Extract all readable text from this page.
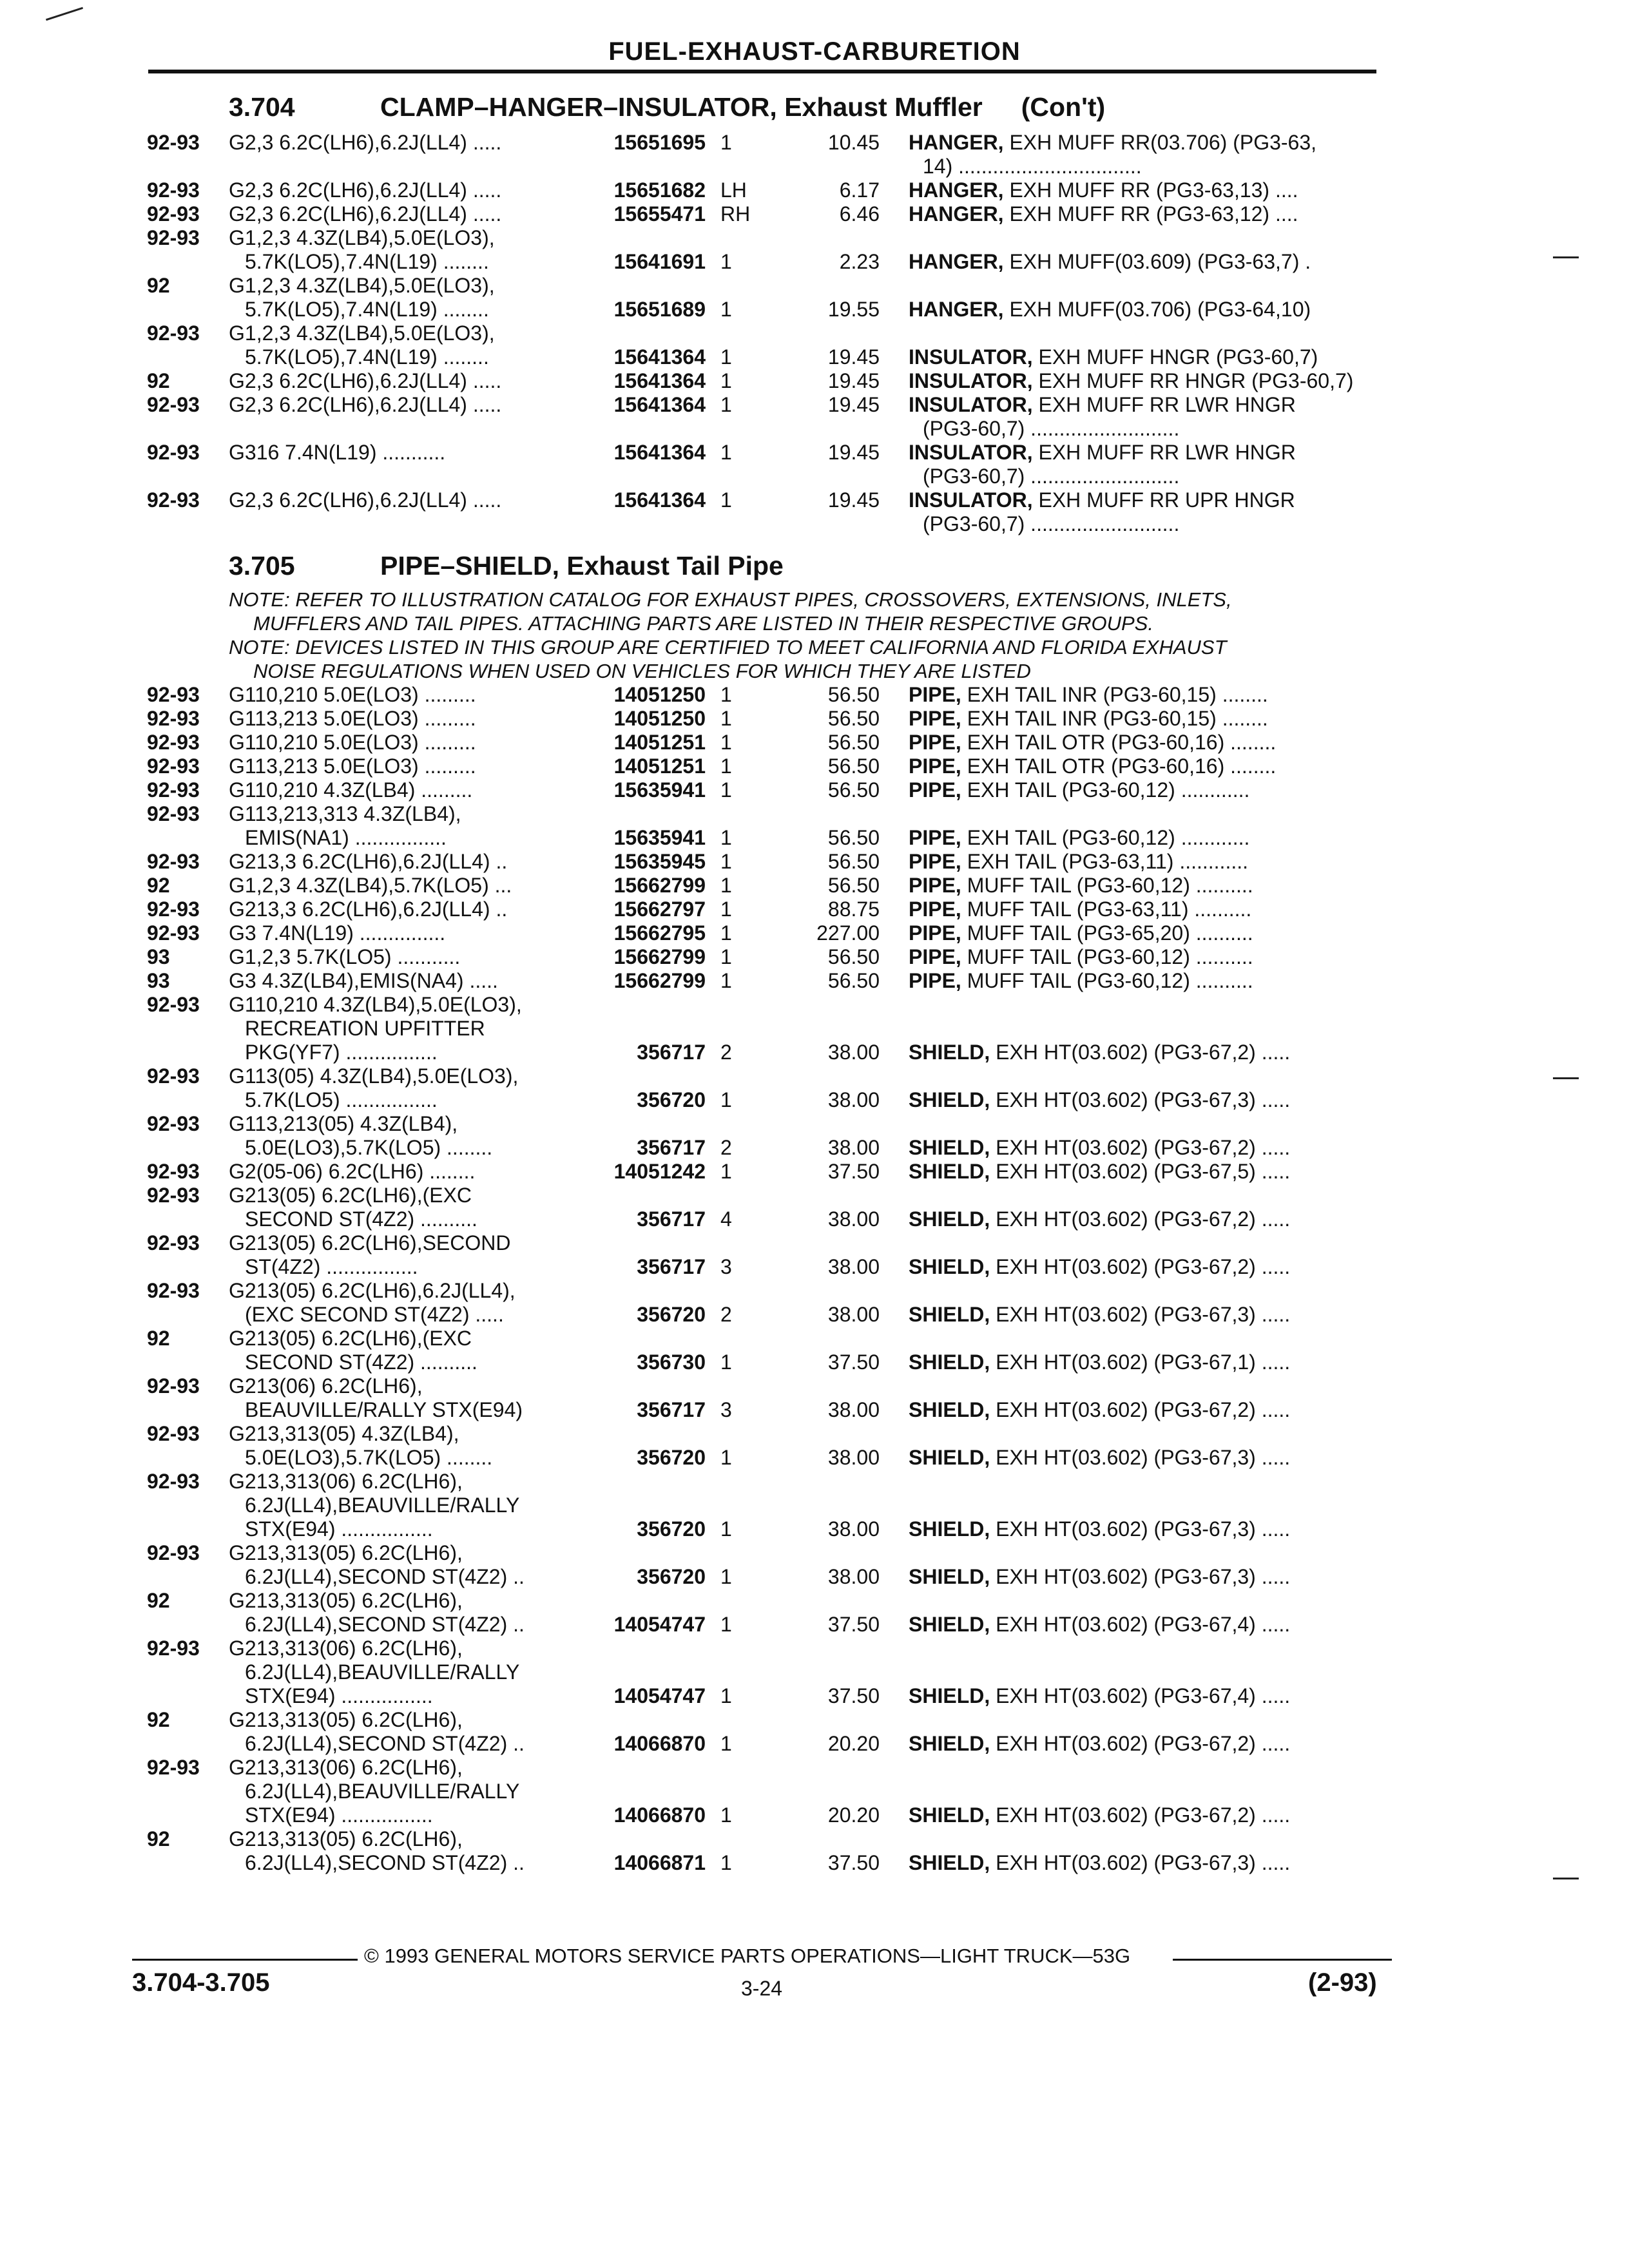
FUEL-EXHAUST-CARBURETION
3.704	CLAMP–HANGER–INSULATOR, Exhaust Muffler (Con't)
92-93 G2,3 6.2C(LH6),6.2J(LL4) .....	15651695 1	10.45 HANGER, EXH MUFF RR(03.706) (PG3-63,
14) ................................
92-93 G2,3 6.2C(LH6),6.2J(LL4) .....	15651682 LH	6.17 HANGER, EXH MUFF RR (PG3-63,13) ....
92-93 G2,3 6.2C(LH6),6.2J(LL4) .....	15655471 RH	6.46 HANGER, EXH MUFF RR (PG3-63,12) ....
92-93 G1,2,3 4.3Z(LB4),5.0E(LO3),
5.7K(LO5),7.4N(L19) ........	15641691 1	2.23 HANGER, EXH MUFF(03.609) (PG3-63,7) .
92	G1,2,3 4.3Z(LB4),5.0E(LO3),
5.7K(LO5),7.4N(L19) ........	15651689 1	19.55 HANGER, EXH MUFF(03.706) (PG3-64,10)
92-93 G1,2,3 4.3Z(LB4),5.0E(LO3),
5.7K(LO5),7.4N(L19) ........	15641364 1	19.45 INSULATOR, EXH MUFF HNGR (PG3-60,7)
92	G2,3 6.2C(LH6),6.2J(LL4) .....	15641364 1	19.45 INSULATOR, EXH MUFF RR HNGR (PG3-60,7)
92-93 G2,3 6.2C(LH6),6.2J(LL4) .....	15641364 1	19.45 INSULATOR, EXH MUFF RR LWR HNGR
(PG3-60,7) ..........................
92-93 G316 7.4N(L19) ...........	15641364 1	19.45 INSULATOR, EXH MUFF RR LWR HNGR
(PG3-60,7) ..........................
92-93 G2,3 6.2C(LH6),6.2J(LL4) .....	15641364 1	19.45 INSULATOR, EXH MUFF RR UPR HNGR
(PG3-60,7) ..........................
3.705	PIPE–SHIELD, Exhaust Tail Pipe
NOTE: REFER TO ILLUSTRATION CATALOG FOR EXHAUST PIPES, CROSSOVERS, EXTENSIONS, INLETS,
MUFFLERS AND TAIL PIPES. ATTACHING PARTS ARE LISTED IN THEIR RESPECTIVE GROUPS.
NOTE: DEVICES LISTED IN THIS GROUP ARE CERTIFIED TO MEET CALIFORNIA AND FLORIDA EXHAUST
NOISE REGULATIONS WHEN USED ON VEHICLES FOR WHICH THEY ARE LISTED
92-93 G110,210 5.0E(LO3) .........	14051250 1	56.50 PIPE, EXH TAIL INR (PG3-60,15) ........
92-93 G113,213 5.0E(LO3) .........	14051250 1	56.50 PIPE, EXH TAIL INR (PG3-60,15) ........
92-93 G110,210 5.0E(LO3) .........	14051251 1	56.50 PIPE, EXH TAIL OTR (PG3-60,16) ........
92-93 G113,213 5.0E(LO3) .........	14051251 1	56.50 PIPE, EXH TAIL OTR (PG3-60,16) ........
92-93 G110,210 4.3Z(LB4) .........	15635941 1	56.50 PIPE, EXH TAIL (PG3-60,12) ............
92-93 G113,213,313 4.3Z(LB4),
EMIS(NA1) ................	15635941 1	56.50 PIPE, EXH TAIL (PG3-60,12) ............
92-93 G213,3 6.2C(LH6),6.2J(LL4) ..	15635945 1	56.50 PIPE, EXH TAIL (PG3-63,11) ............
92	G1,2,3 4.3Z(LB4),5.7K(LO5) ...	15662799 1	56.50 PIPE, MUFF TAIL (PG3-60,12) ..........
92-93 G213,3 6.2C(LH6),6.2J(LL4) ..	15662797 1	88.75 PIPE, MUFF TAIL (PG3-63,11) ..........
92-93 G3 7.4N(L19) ...............	15662795 1	227.00 PIPE, MUFF TAIL (PG3-65,20) ..........
93	G1,2,3 5.7K(LO5) ...........	15662799 1	56.50 PIPE, MUFF TAIL (PG3-60,12) ..........
93	G3 4.3Z(LB4),EMIS(NA4) .....	15662799 1	56.50 PIPE, MUFF TAIL (PG3-60,12) ..........
92-93 G110,210 4.3Z(LB4),5.0E(LO3),
RECREATION UPFITTER
PKG(YF7) ................	356717 2	38.00 SHIELD, EXH HT(03.602) (PG3-67,2) .....
92-93 G113(05) 4.3Z(LB4),5.0E(LO3),
5.7K(LO5) ................	356720 1	38.00 SHIELD, EXH HT(03.602) (PG3-67,3) .....
92-93 G113,213(05) 4.3Z(LB4),
5.0E(LO3),5.7K(LO5) ........	356717 2	38.00 SHIELD, EXH HT(03.602) (PG3-67,2) .....
92-93 G2(05-06) 6.2C(LH6) ........	14051242 1	37.50 SHIELD, EXH HT(03.602) (PG3-67,5) .....
92-93 G213(05) 6.2C(LH6),(EXC
SECOND ST(4Z2) ..........	356717 4	38.00 SHIELD, EXH HT(03.602) (PG3-67,2) .....
92-93 G213(05) 6.2C(LH6),SECOND
ST(4Z2) ................	356717 3	38.00 SHIELD, EXH HT(03.602) (PG3-67,2) .....
92-93 G213(05) 6.2C(LH6),6.2J(LL4),
(EXC SECOND ST(4Z2) .....	356720 2	38.00 SHIELD, EXH HT(03.602) (PG3-67,3) .....
92	G213(05) 6.2C(LH6),(EXC
SECOND ST(4Z2) ..........	356730 1	37.50 SHIELD, EXH HT(03.602) (PG3-67,1) .....
92-93 G213(06) 6.2C(LH6),
BEAUVILLE/RALLY STX(E94)	356717 3	38.00 SHIELD, EXH HT(03.602) (PG3-67,2) .....
92-93 G213,313(05) 4.3Z(LB4),
5.0E(LO3),5.7K(LO5) ........	356720 1	38.00 SHIELD, EXH HT(03.602) (PG3-67,3) .....
92-93 G213,313(06) 6.2C(LH6),
6.2J(LL4),BEAUVILLE/RALLY
STX(E94) ................	356720 1	38.00 SHIELD, EXH HT(03.602) (PG3-67,3) .....
92-93 G213,313(05) 6.2C(LH6),
6.2J(LL4),SECOND ST(4Z2) ..	356720 1	38.00 SHIELD, EXH HT(03.602) (PG3-67,3) .....
92	G213,313(05) 6.2C(LH6),
6.2J(LL4),SECOND ST(4Z2) ..	14054747 1	37.50 SHIELD, EXH HT(03.602) (PG3-67,4) .....
92-93 G213,313(06) 6.2C(LH6),
6.2J(LL4),BEAUVILLE/RALLY
STX(E94) ................	14054747 1	37.50 SHIELD, EXH HT(03.602) (PG3-67,4) .....
92	G213,313(05) 6.2C(LH6),
6.2J(LL4),SECOND ST(4Z2) ..	14066870 1	20.20 SHIELD, EXH HT(03.602) (PG3-67,2) .....
92-93 G213,313(06) 6.2C(LH6),
6.2J(LL4),BEAUVILLE/RALLY
STX(E94) ................	14066870 1	20.20 SHIELD, EXH HT(03.602) (PG3-67,2) .....
92	G213,313(05) 6.2C(LH6),
6.2J(LL4),SECOND ST(4Z2) ..	14066871 1	37.50 SHIELD, EXH HT(03.602) (PG3-67,3) .....
© 1993 GENERAL MOTORS SERVICE PARTS OPERATIONS—LIGHT TRUCK—53G
3.704-3.705	3-24	(2-93)
